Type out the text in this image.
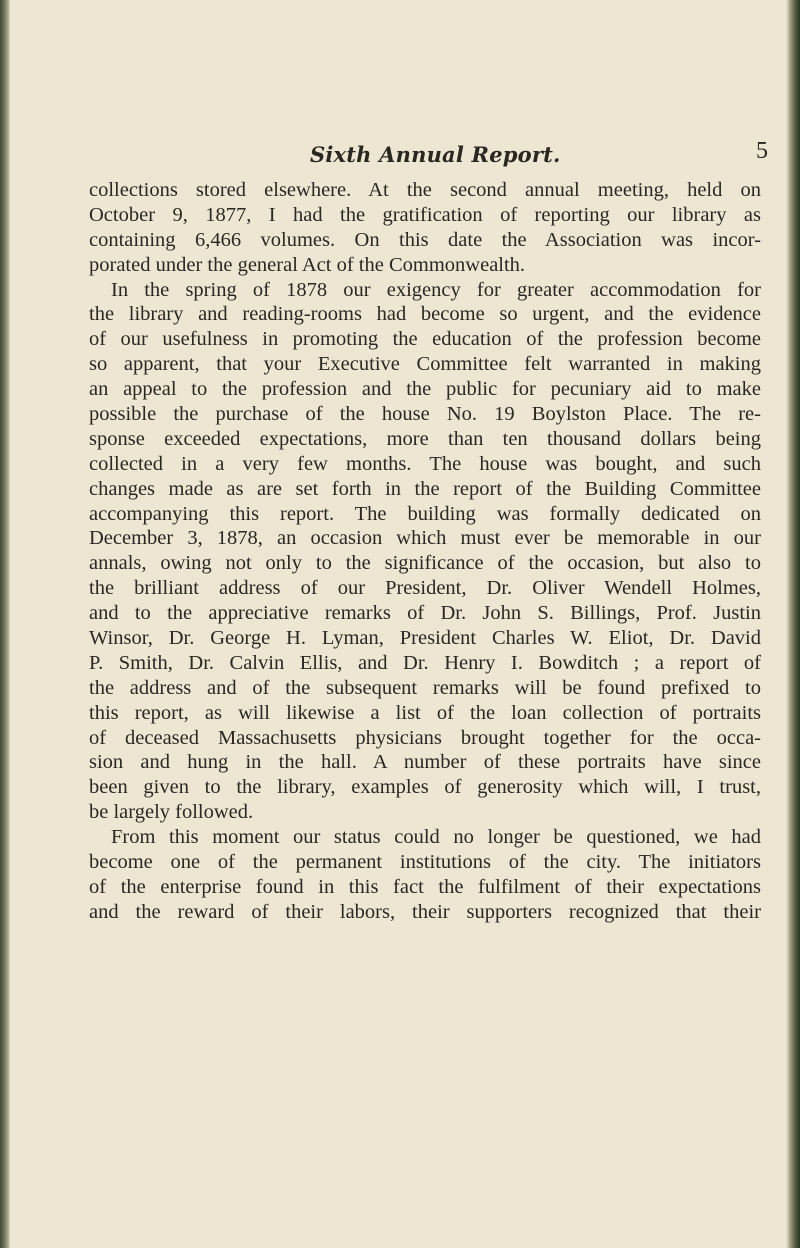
Sixth Annual Report.	5
collections stored elsewhere. At the second annual meeting, held on
October 9, 1877, I had the gratification of reporting our library as
containing 6,466 volumes. On this date the Association was incor-
porated under the general Act of the Commonwealth.
In the spring of 1878 our exigency for greater accommodation for
the library and reading-rooms had become so urgent, and the evidence
of our usefulness in promoting the education of the profession become
so apparent, that your Executive Committee felt warranted in making
an appeal to the profession and the public for pecuniary aid to make
possible the purchase of the house No. 19 Boylston Place. The re-
sponse exceeded expectations, more than ten thousand dollars being
collected in a very few months. The house was bought, and such
changes made as are set forth in the report of the Building Committee
accompanying this report. The building was formally dedicated on
December 3, 1878, an occasion which must ever be memorable in our
annals, owing not only to the significance of the occasion, but also to
the brilliant address of our President, Dr. Oliver Wendell Holmes,
and to the appreciative remarks of Dr. John S. Billings, Prof. Justin
Winsor, Dr. George H. Lyman, President Charles W. Eliot, Dr. David
P. Smith, Dr. Calvin Ellis, and Dr. Henry I. Bowditch ; a report of
the address and of the subsequent remarks will be found prefixed to
this report, as will likewise a list of the loan collection of portraits
of deceased Massachusetts physicians brought together for the occa-
sion and hung in the hall. A number of these portraits have since
been given to the library, examples of generosity which will, I trust,
be largely followed.
From this moment our status could no longer be questioned, we had
become one of the permanent institutions of the city. The initiators
of the enterprise found in this fact the fulfilment of their expectations
and the reward of their labors, their supporters recognized that their
